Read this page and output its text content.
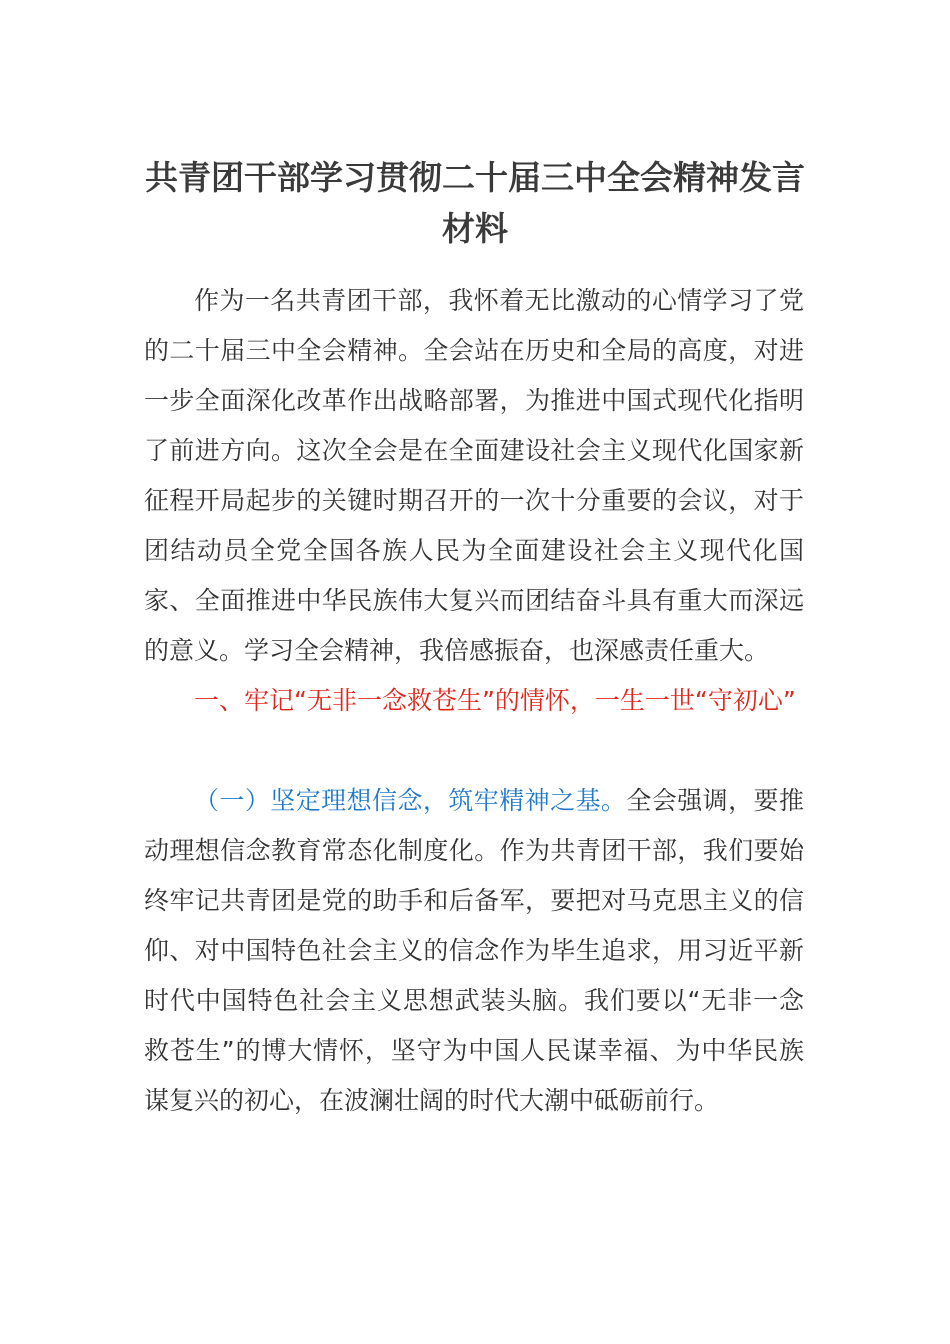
共青团干部学习贯彻二十届三中全会精神发言材料

作为一名共青团干部，我怀着无比激动的心情学习了党的二十届三中全会精神。全会站在历史和全局的高度，对进一步全面深化改革作出战略部署，为推进中国式现代化指明了前进方向。这次全会是在全面建设社会主义现代化国家新征程开局起步的关键时期召开的一次十分重要的会议，对于团结动员全党全国各族人民为全面建设社会主义现代化国家、全面推进中华民族伟大复兴而团结奋斗具有重大而深远的意义。学习全会精神，我倍感振奋，也深感责任重大。

一、牢记“无非一念救苍生”的情怀，一生一世“守初心”

（一）坚定理想信念，筑牢精神之基。全会强调，要推动理想信念教育常态化制度化。作为共青团干部，我们要始终牢记共青团是党的助手和后备军，要把对马克思主义的信仰、对中国特色社会主义的信念作为毕生追求，用习近平新时代中国特色社会主义思想武装头脑。我们要以“无非一念救苍生”的博大情怀，坚守为中国人民谋幸福、为中华民族谋复兴的初心，在波澜壮阔的时代大潮中砥砺前行。
